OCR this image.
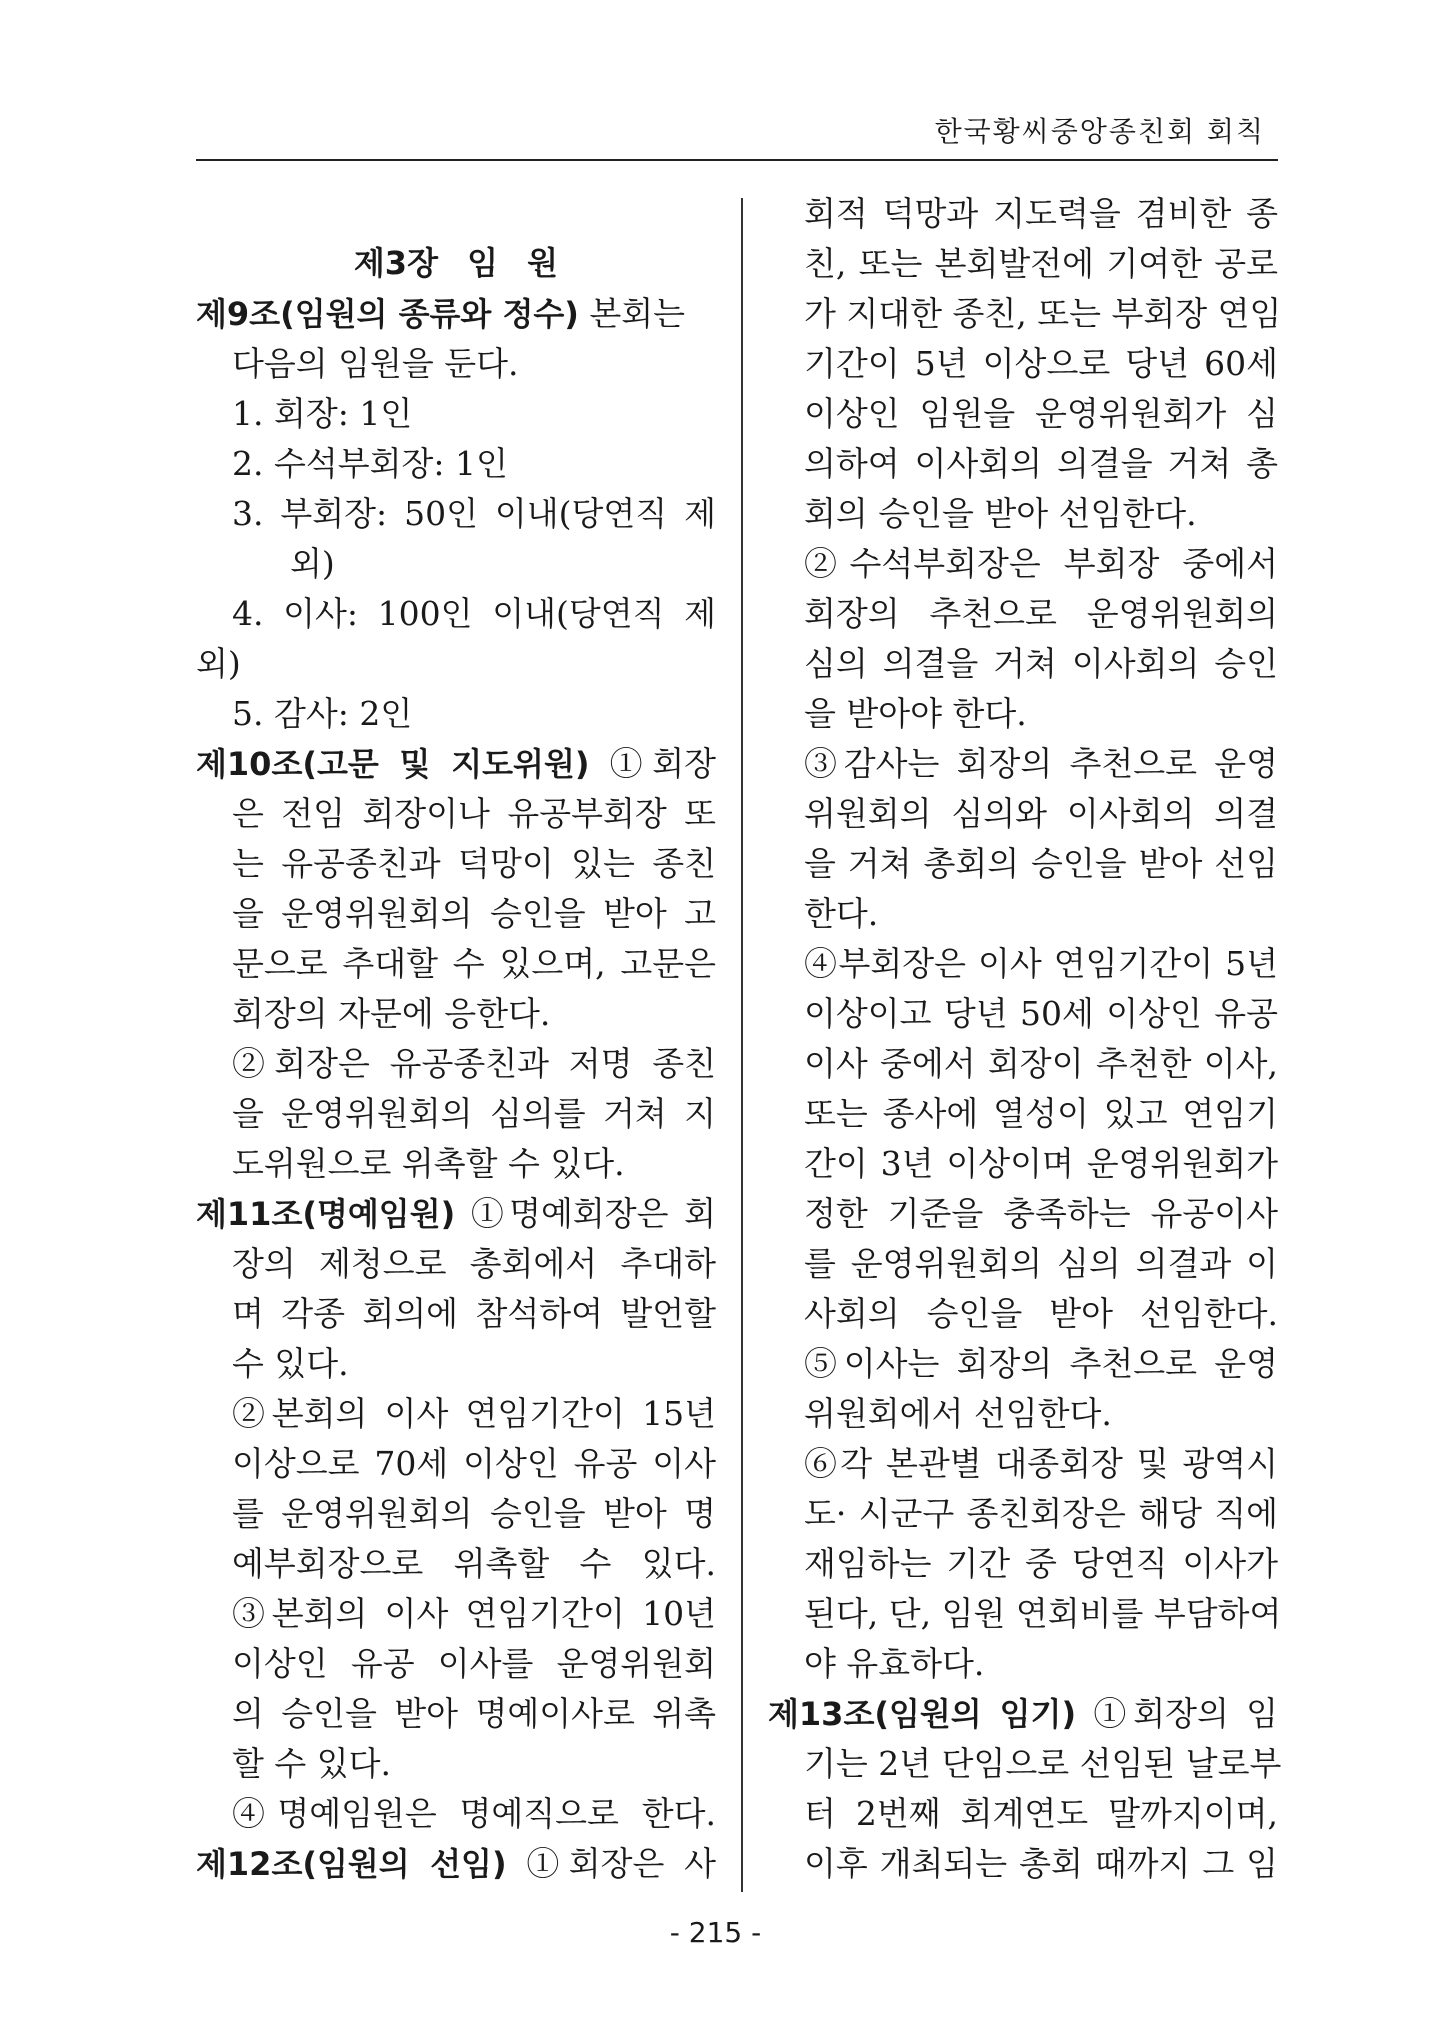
한국황씨중앙종친회 회칙
제3장 임 원
제9조(임원의 종류와 정수) 본회는
다음의 임원을 둔다.
1. 회장: 1인
2. 수석부회장: 1인
3. 부회장: 50인 이내(당연직 제
외)
4. 이사: 100인 이내(당연직 제
외)
5. 감사: 2인
제10조(고문 및 지도위원) ①회장
은 전임 회장이나 유공부회장 또
는 유공종친과 덕망이 있는 종친
을 운영위원회의 승인을 받아 고
문으로 추대할 수 있으며, 고문은
회장의 자문에 응한다.
②회장은 유공종친과 저명 종친
을 운영위원회의 심의를 거쳐 지
도위원으로 위촉할 수 있다.
제11조(명예임원) ①명예회장은 회
장의 제청으로 총회에서 추대하
며 각종 회의에 참석하여 발언할
수 있다.
②본회의 이사 연임기간이 15년
이상으로 70세 이상인 유공 이사
를 운영위원회의 승인을 받아 명
예부회장으로 위촉할 수 있다.
③본회의 이사 연임기간이 10년
이상인 유공 이사를 운영위원회
의 승인을 받아 명예이사로 위촉
할 수 있다.
④명예임원은 명예직으로 한다.
제12조(임원의 선임) ①회장은 사
회적 덕망과 지도력을 겸비한 종
친, 또는 본회발전에 기여한 공로
가 지대한 종친, 또는 부회장 연임
기간이 5년 이상으로 당년 60세
이상인 임원을 운영위원회가 심
의하여 이사회의 의결을 거쳐 총
회의 승인을 받아 선임한다.
②수석부회장은 부회장 중에서
회장의 추천으로 운영위원회의
심의 의결을 거쳐 이사회의 승인
을 받아야 한다.
③감사는 회장의 추천으로 운영
위원회의 심의와 이사회의 의결
을 거쳐 총회의 승인을 받아 선임
한다.
④부회장은 이사 연임기간이 5년
이상이고 당년 50세 이상인 유공
이사 중에서 회장이 추천한 이사,
또는 종사에 열성이 있고 연임기
간이 3년 이상이며 운영위원회가
정한 기준을 충족하는 유공이사
를 운영위원회의 심의 의결과 이
사회의 승인을 받아 선임한다.
⑤이사는 회장의 추천으로 운영
위원회에서 선임한다.
⑥각 본관별 대종회장 및 광역시
도· 시군구 종친회장은 해당 직에
재임하는 기간 중 당연직 이사가
된다, 단, 임원 연회비를 부담하여
야 유효하다.
제13조(임원의 임기) ①회장의 임
기는 2년 단임으로 선임된 날로부
터 2번째 회계연도 말까지이며,
이후 개최되는 총회 때까지 그 임
- 215 -
